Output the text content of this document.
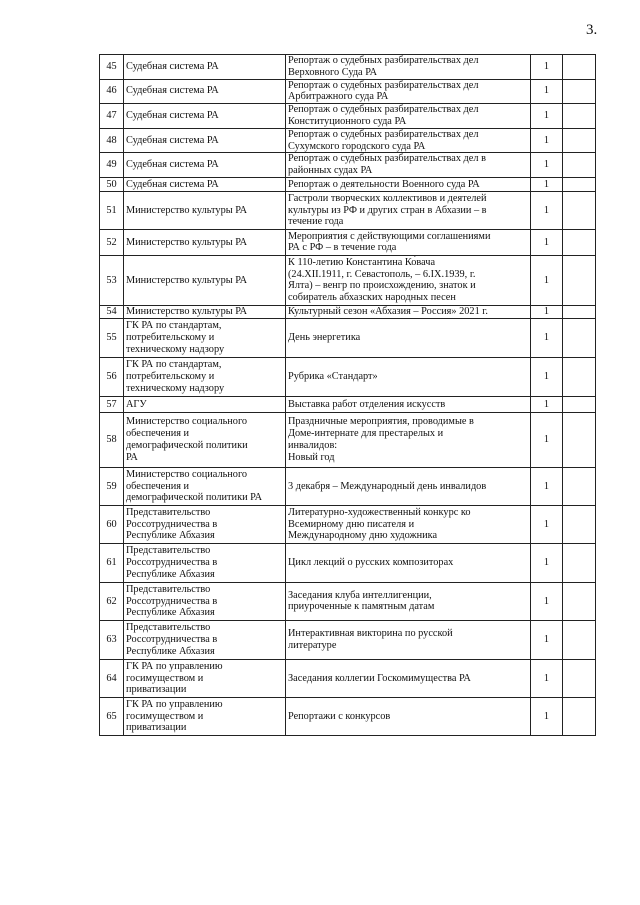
3.
45	Судебная система РА	Репортаж о судебных разбирательствах дел
Верховного Суда РА	1	
46	Судебная система РА	Репортаж о судебных разбирательствах дел
Арбитражного суда РА	1	
47	Судебная система РА	Репортаж о судебных разбирательствах дел
Конституционного суда РА	1	
48	Судебная система РА	Репортаж о судебных разбирательствах дел
Сухумского городского суда РА	1	
49	Судебная система РА	Репортаж о судебных разбирательствах дел в
районных судах РА	1	
50	Судебная система РА	Репортаж о деятельности Военного суда РА	1	
51	Министерство культуры РА	Гастроли творческих коллективов и деятелей
культуры из РФ и других стран в Абхазии – в
течение года	1	
52	Министерство культуры РА	Мероприятия с действующими соглашениями
РА с РФ – в течение года	1	
53	Министерство культуры РА	К 110-летию Константина Ко́вача
(24.XII.1911, г. Севастополь, – 6.IX.1939, г.
Ялта) – венгр по происхождению, знаток и
собиратель абхазских народных песен	1	
54	Министерство культуры РА	Культурный сезон «Абхазия – Россия» 2021 г.	1	
55	ГК РА по стандартам,
потребительскому и
техническому надзору	День энергетика	1	
56	ГК РА по стандартам,
потребительскому и
техническому надзору	Рубрика «Стандарт»	1	
57	АГУ	Выставка работ отделения искусств	1	
58	Министерство социального
обеспечения и
демографической политики
РА	Праздничные мероприятия, проводимые в
Доме-интернате для престарелых и
инвалидов:
Новый год	1	
59	Министерство социального
обеспечения и
демографической политики РА	3 декабря – Международный день инвалидов	1	
60	Представительство
Россотрудничества в
Республике Абхазия	Литературно-художественный конкурс ко
Всемирному дню писателя и
Международному дню художника	1	
61	Представительство
Россотрудничества в
Республике Абхазия	Цикл лекций о русских композиторах	1	
62	Представительство
Россотрудничества в
Республике Абхазия	Заседания клуба интеллигенции,
приуроченные к памятным датам	1	
63	Представительство
Россотрудничества в
Республике Абхазия	Интерактивная викторина по русской
литературе	1	
64	ГК РА по управлению
госимуществом и
приватизации	Заседания коллегии Госкомимущества РА	1	
65	ГК РА по управлению
госимуществом и
приватизации	Репортажи с конкурсов	1	
